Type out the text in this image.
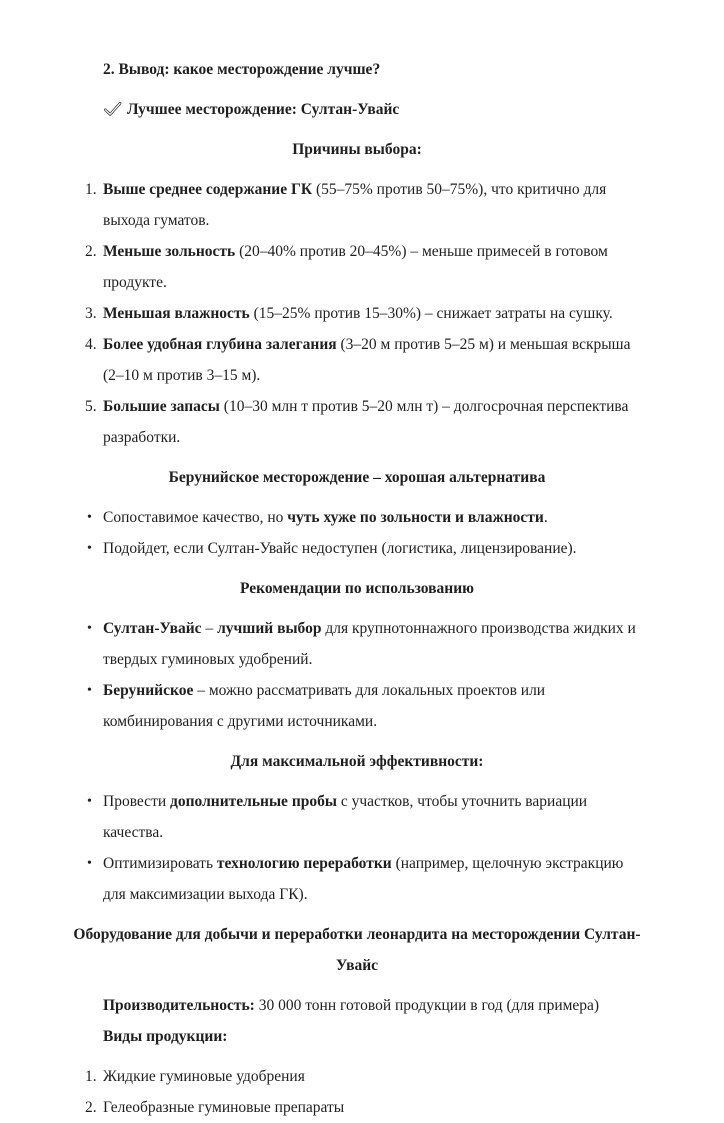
2. Вывод: какое месторождение лучше?

Лучшее месторождение: Султан-Увайс

Причины выбора:

1. Выше среднее содержание ГК (55–75% против 50–75%), что критично для выхода гуматов.
2. Меньше зольность (20–40% против 20–45%) – меньше примесей в готовом продукте.
3. Меньшая влажность (15–25% против 15–30%) – снижает затраты на сушку.
4. Более удобная глубина залегания (3–20 м против 5–25 м) и меньшая вскрыша (2–10 м против 3–15 м).
5. Большие запасы (10–30 млн т против 5–20 млн т) – долгосрочная перспектива разработки.

Берунийское месторождение – хорошая альтернатива

• Сопоставимое качество, но чуть хуже по зольности и влажности.
• Подойдет, если Султан-Увайс недоступен (логистика, лицензирование).

Рекомендации по использованию

• Султан-Увайс – лучший выбор для крупнотоннажного производства жидких и твердых гуминовых удобрений.
• Берунийское – можно рассматривать для локальных проектов или комбинирования с другими источниками.

Для максимальной эффективности:

• Провести дополнительные пробы с участков, чтобы уточнить вариации качества.
• Оптимизировать технологию переработки (например, щелочную экстракцию для максимизации выхода ГК).

Оборудование для добычи и переработки леонардита на месторождении Султан-Увайс

Производительность: 30 000 тонн готовой продукции в год (для примера)

Виды продукции:

1. Жидкие гуминовые удобрения
2. Гелеобразные гуминовые препараты
